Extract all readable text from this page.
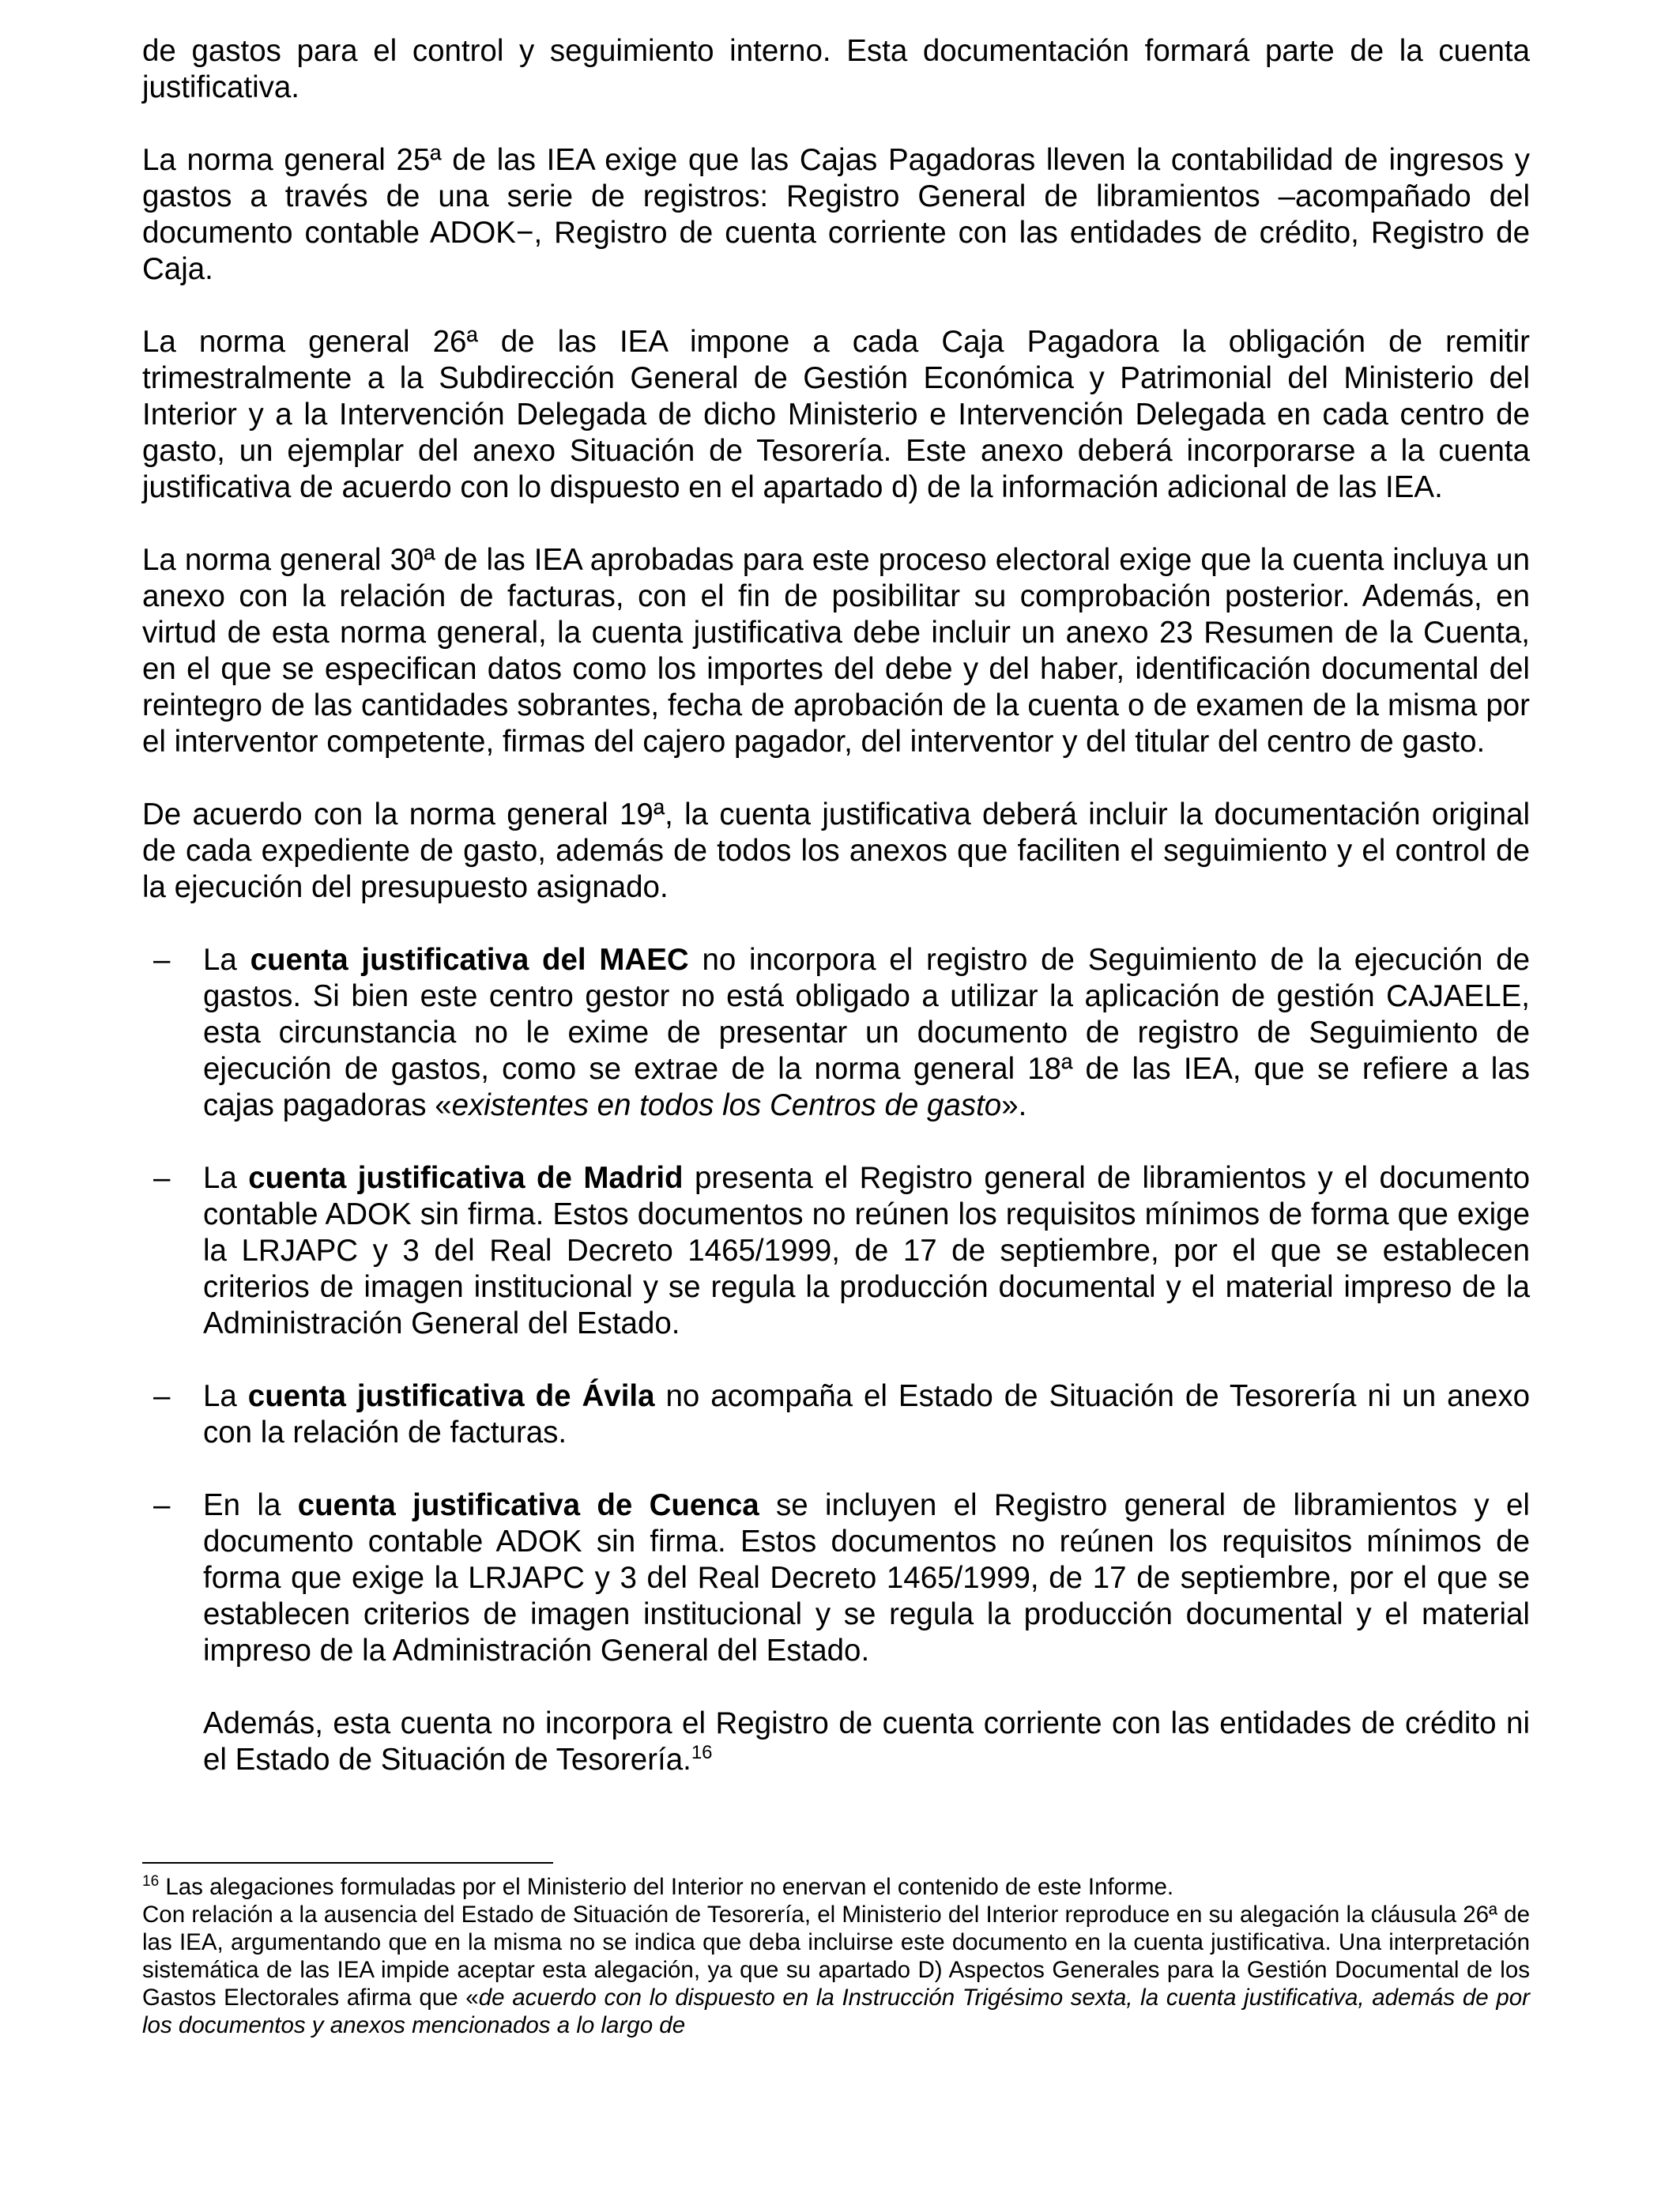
de gastos para el control y seguimiento interno. Esta documentación formará parte de la cuenta justificativa.

La norma general 25ª de las IEA exige que las Cajas Pagadoras lleven la contabilidad de ingresos y gastos a través de una serie de registros: Registro General de libramientos –acompañado del documento contable ADOK−, Registro de cuenta corriente con las entidades de crédito, Registro de Caja.

La norma general 26ª de las IEA impone a cada Caja Pagadora la obligación de remitir trimestralmente a la Subdirección General de Gestión Económica y Patrimonial del Ministerio del Interior y a la Intervención Delegada de dicho Ministerio e Intervención Delegada en cada centro de gasto, un ejemplar del anexo Situación de Tesorería. Este anexo deberá incorporarse a la cuenta justificativa de acuerdo con lo dispuesto en el apartado d) de la información adicional de las IEA.

La norma general 30ª de las IEA aprobadas para este proceso electoral exige que la cuenta incluya un anexo con la relación de facturas, con el fin de posibilitar su comprobación posterior. Además, en virtud de esta norma general, la cuenta justificativa debe incluir un anexo 23 Resumen de la Cuenta, en el que se especifican datos como los importes del debe y del haber, identificación documental del reintegro de las cantidades sobrantes, fecha de aprobación de la cuenta o de examen de la misma por el interventor competente, firmas del cajero pagador, del interventor y del titular del centro de gasto.

De acuerdo con la norma general 19ª, la cuenta justificativa deberá incluir la documentación original de cada expediente de gasto, además de todos los anexos que faciliten el seguimiento y el control de la ejecución del presupuesto asignado.

– La cuenta justificativa del MAEC no incorpora el registro de Seguimiento de la ejecución de gastos. Si bien este centro gestor no está obligado a utilizar la aplicación de gestión CAJAELE, esta circunstancia no le exime de presentar un documento de registro de Seguimiento de ejecución de gastos, como se extrae de la norma general 18ª de las IEA, que se refiere a las cajas pagadoras «existentes en todos los Centros de gasto».

– La cuenta justificativa de Madrid presenta el Registro general de libramientos y el documento contable ADOK sin firma. Estos documentos no reúnen los requisitos mínimos de forma que exige la LRJAPC y 3 del Real Decreto 1465/1999, de 17 de septiembre, por el que se establecen criterios de imagen institucional y se regula la producción documental y el material impreso de la Administración General del Estado.

– La cuenta justificativa de Ávila no acompaña el Estado de Situación de Tesorería ni un anexo con la relación de facturas.

– En la cuenta justificativa de Cuenca se incluyen el Registro general de libramientos y el documento contable ADOK sin firma. Estos documentos no reúnen los requisitos mínimos de forma que exige la LRJAPC y 3 del Real Decreto 1465/1999, de 17 de septiembre, por el que se establecen criterios de imagen institucional y se regula la producción documental y el material impreso de la Administración General del Estado.

Además, esta cuenta no incorpora el Registro de cuenta corriente con las entidades de crédito ni el Estado de Situación de Tesorería.$^{16}$

$^{16}$ Las alegaciones formuladas por el Ministerio del Interior no enervan el contenido de este Informe.

Con relación a la ausencia del Estado de Situación de Tesorería, el Ministerio del Interior reproduce en su alegación la cláusula 26ª de las IEA, argumentando que en la misma no se indica que deba incluirse este documento en la cuenta justificativa. Una interpretación sistemática de las IEA impide aceptar esta alegación, ya que su apartado D) Aspectos Generales para la Gestión Documental de los Gastos Electorales afirma que «de acuerdo con lo dispuesto en la Instrucción Trigésimo sexta, la cuenta justificativa, además de por los documentos y anexos mencionados a lo largo de
